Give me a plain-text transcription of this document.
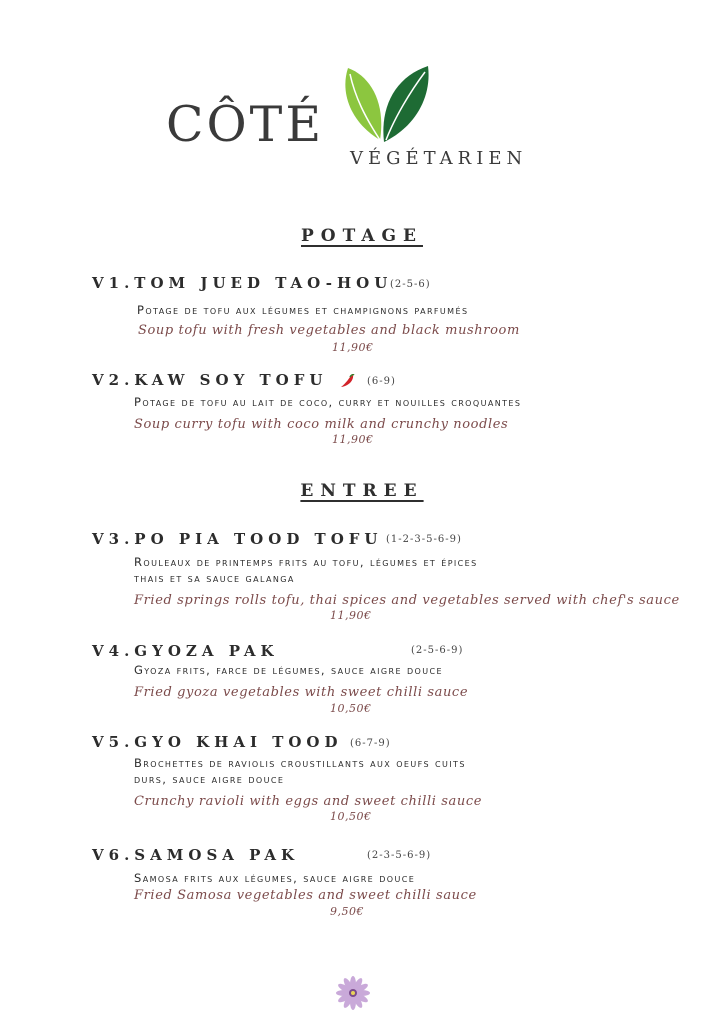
CÔTÉ
VÉGÉTARIEN
POTAGE
V1.TOM JUED TAO-HOU
(2-5-6)
Potage de tofu aux légumes et champignons parfumés
Soup tofu with fresh vegetables and black mushroom
11,90€
V2.KAW SOY TOFU	(6-9)
Potage de tofu au lait de coco, curry et nouilles croquantes
Soup curry tofu with coco milk and crunchy noodles
11,90€
ENTREE
V3.PO PIA TOOD TOFU (1-2-3-5-6-9)
Rouleaux de printemps frits au tofu, légumes et épices
thais et sa sauce galanga
Fried springs rolls tofu, thai spices and vegetables served with chef's sauce
11,90€
V4.GYOZA PAK	(2-5-6-9)
Gyoza frits, farce de légumes, sauce aigre douce
Fried gyoza vegetables with sweet chilli sauce
10,50€
V5.GYO KHAI TOOD (6-7-9)
Brochettes de raviolis croustillants aux oeufs cuits
durs, sauce aigre douce
Crunchy ravioli with eggs and sweet chilli sauce
10,50€
V6.SAMOSA PAK	(2-3-5-6-9)
Samosa frits aux légumes, sauce aigre douce
Fried Samosa vegetables and sweet chilli sauce
9,50€
